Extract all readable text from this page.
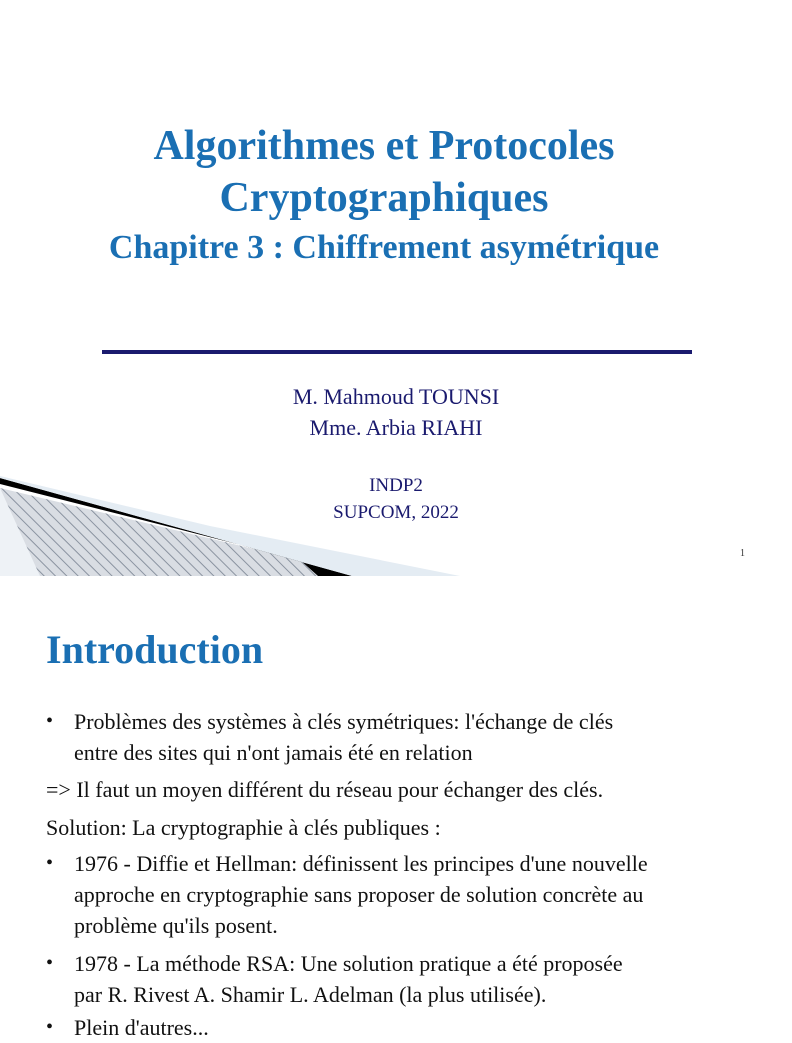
Algorithmes et Protocoles
Cryptographiques
Chapitre 3 : Chiffrement asymétrique
M. Mahmoud TOUNSI
Mme. Arbia RIAHI
INDP2
SUPCOM, 2022
1
Introduction
• Problèmes des systèmes à clés symétriques: l'échange de clés
entre des sites qui n'ont jamais été en relation
=> Il faut un moyen différent du réseau pour échanger des clés.
Solution: La cryptographie à clés publiques :
• 1976 - Diffie et Hellman: définissent les principes d'une nouvelle
approche en cryptographie sans proposer de solution concrète au
problème qu'ils posent.
• 1978 - La méthode RSA: Une solution pratique a été proposée
par R. Rivest A. Shamir L. Adelman (la plus utilisée).
• Plein d'autres...
